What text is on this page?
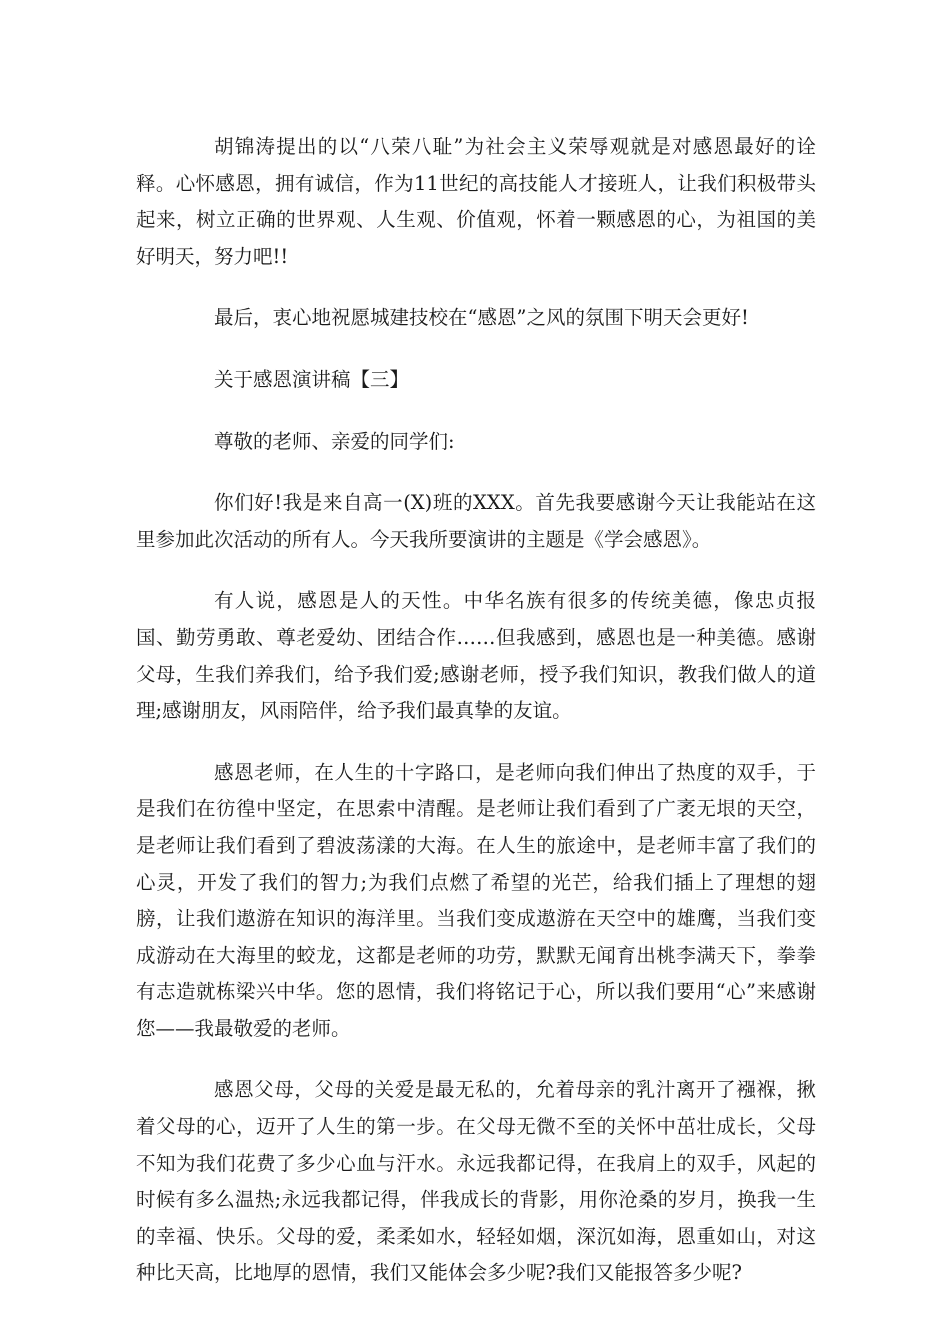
胡锦涛提出的以“八荣八耻”为社会主义荣辱观就是对感恩最好的诠释。心怀感恩，拥有诚信，作为11世纪的高技能人才接班人，让我们积极带头起来，树立正确的世界观、人生观、价值观，怀着一颗感恩的心，为祖国的美好明天，努力吧!!

最后，衷心地祝愿城建技校在“感恩”之风的氛围下明天会更好!

关于感恩演讲稿【三】

尊敬的老师、亲爱的同学们:

你们好!我是来自高一(X)班的XXX。首先我要感谢今天让我能站在这里参加此次活动的所有人。今天我所要演讲的主题是《学会感恩》。

有人说，感恩是人的天性。中华名族有很多的传统美德，像忠贞报国、勤劳勇敢、尊老爱幼、团结合作……但我感到，感恩也是一种美德。感谢父母，生我们养我们，给予我们爱;感谢老师，授予我们知识，教我们做人的道理;感谢朋友，风雨陪伴，给予我们最真挚的友谊。

感恩老师，在人生的十字路口，是老师向我们伸出了热度的双手，于是我们在彷徨中坚定，在思索中清醒。是老师让我们看到了广袤无垠的天空，是老师让我们看到了碧波荡漾的大海。在人生的旅途中，是老师丰富了我们的心灵，开发了我们的智力;为我们点燃了希望的光芒，给我们插上了理想的翅膀，让我们遨游在知识的海洋里。当我们变成遨游在天空中的雄鹰，当我们变成游动在大海里的蛟龙，这都是老师的功劳，默默无闻育出桃李满天下，拳拳有志造就栋梁兴中华。您的恩情，我们将铭记于心，所以我们要用“心”来感谢您——我最敬爱的老师。

感恩父母，父母的关爱是最无私的，允着母亲的乳汁离开了襁褓，揪着父母的心，迈开了人生的第一步。在父母无微不至的关怀中茁壮成长，父母不知为我们花费了多少心血与汗水。永远我都记得，在我肩上的双手，风起的时候有多么温热;永远我都记得，伴我成长的背影，用你沧桑的岁月，换我一生的幸福、快乐。父母的爱，柔柔如水，轻轻如烟，深沉如海，恩重如山，对这种比天高，比地厚的恩情，我们又能体会多少呢?我们又能报答多少呢?
